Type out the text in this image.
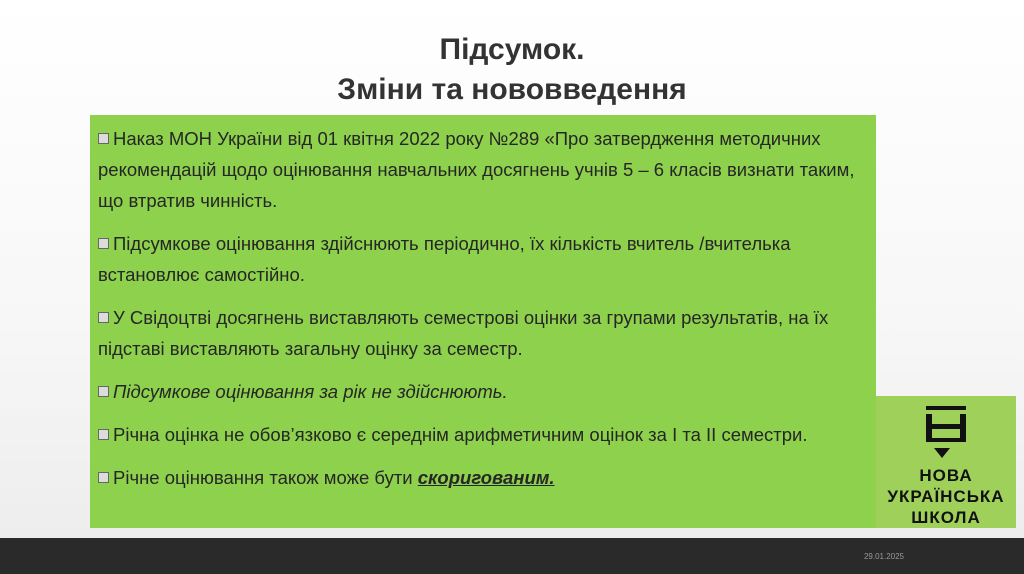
Підсумок.
Зміни та нововведення
Наказ МОН України від 01 квітня 2022 року №289 «Про затвердження методичних рекомендацій щодо оцінювання навчальних досягнень учнів 5 – 6 класів визнати таким, що втратив чинність.
Підсумкове оцінювання здійснюють періодично, їх кількість вчитель /вчителька встановлює самостійно.
У Свідоцтві досягнень виставляють семестрові оцінки за групами результатів, на їх підставі виставляють загальну оцінку за семестр.
Підсумкове оцінювання за рік не здійснюють.
Річна оцінка не обов’язково є середнім арифметичним оцінок за І та ІІ семестри.
Річне оцінювання також може бути скоригованим.	НОВА
УКРАЇНСЬКА
ШКОЛА
29.01.2025
